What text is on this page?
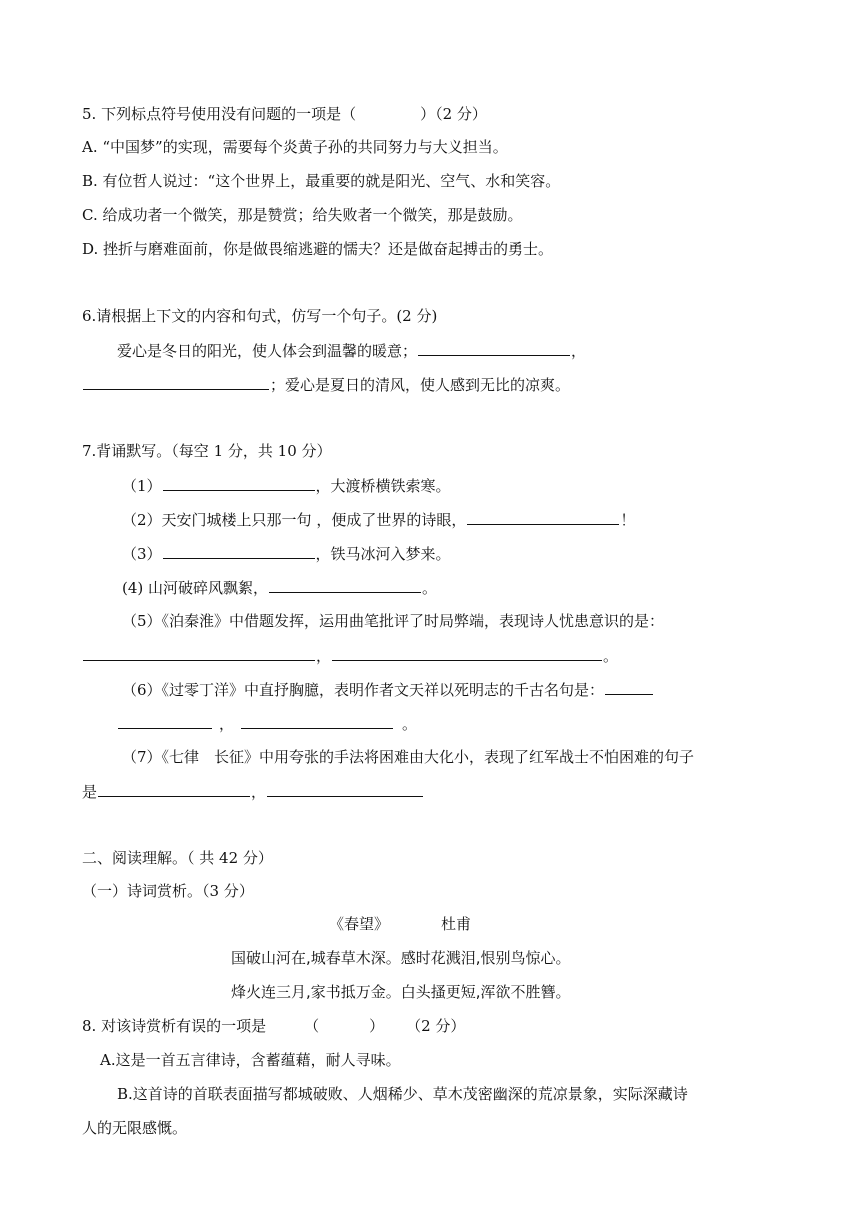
5. 下列标点符号使用没有问题的一项是（	）（2 分）
A. “中国梦”的实现，需要每个炎黄子孙的共同努力与大义担当。
B. 有位哲人说过：“这个世界上，最重要的就是阳光、空气、水和笑容。
C. 给成功者一个微笑，那是赞赏；给失败者一个微笑，那是鼓励。
D. 挫折与磨难面前，你是做畏缩逃避的懦夫？还是做奋起搏击的勇士。
6.请根据上下文的内容和句式，仿写一个句子。(2 分)
爱心是冬日的阳光，使人体会到温馨的暖意；	，
；爱心是夏日的清风，使人感到无比的凉爽。
7.背诵默写。（每空 1 分，共 10 分）
（1）	，大渡桥横铁索寒。
（2）天安门城楼上只那一句 ，便成了世界的诗眼，	！
（3）	，铁马冰河入梦来。
(4) 山河破碎风飘絮，	。
（5）《泊秦淮》中借题发挥，运用曲笔批评了时局弊端，表现诗人忧患意识的是：
，	。
（6）《过零丁洋》中直抒胸臆，表明作者文天祥以死明志的千古名句是：
，	。
（7）《七律　长征》中用夸张的手法将困难由大化小，表现了红军战士不怕困难的句子
是	，
二、阅读理解。（ 共 42 分）
（一）诗词赏析。（3 分）
《春望》	杜甫
国破山河在,城春草木深。感时花溅泪,恨别鸟惊心。
烽火连三月,家书抵万金。白头搔更短,浑欲不胜簪。
8. 对该诗赏析有误的一项是	（	） （2 分）
A.这是一首五言律诗，含蓄蕴藉，耐人寻味。
B.这首诗的首联表面描写都城破败、人烟稀少、草木茂密幽深的荒凉景象，实际深藏诗
人的无限感慨。
